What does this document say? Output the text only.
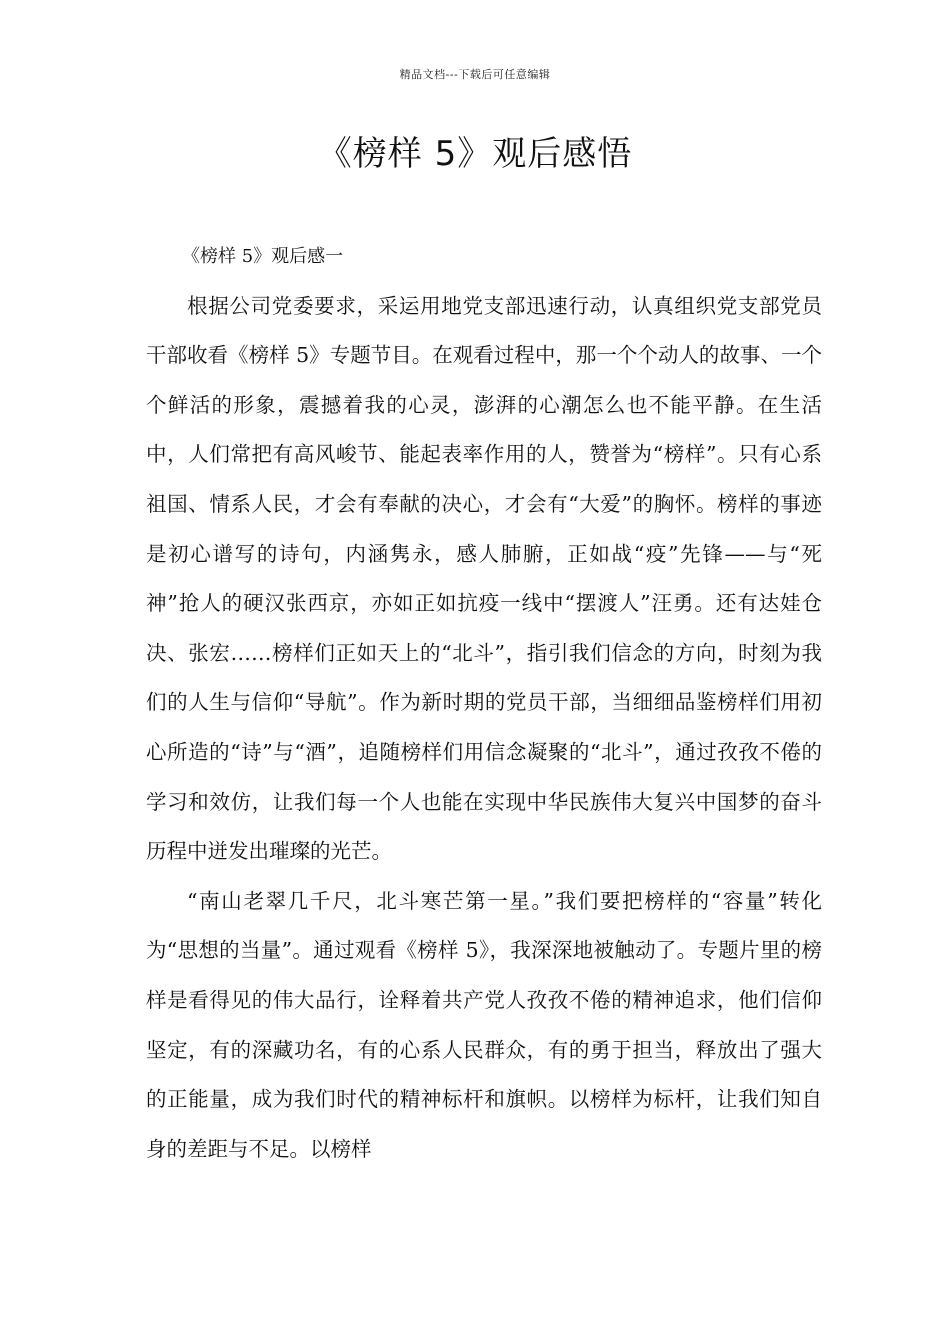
精品文档---下载后可任意编辑
《榜样 5》观后感悟

《榜样 5》观后感一

根据公司党委要求，采运用地党支部迅速行动，认真组织党支部党员干部收看《榜样 5》专题节目。在观看过程中，那一个个动人的故事、一个个鲜活的形象，震撼着我的心灵，澎湃的心潮怎么也不能平静。在生活中，人们常把有高风峻节、能起表率作用的人，赞誉为“榜样”。只有心系祖国、情系人民，才会有奉献的决心，才会有“大爱”的胸怀。榜样的事迹是初心谱写的诗句，内涵隽永，感人肺腑，正如战“疫”先锋——与“死神”抢人的硬汉张西京，亦如正如抗疫一线中“摆渡人”汪勇。还有达娃仓决、张宏……榜样们正如天上的“北斗”，指引我们信念的方向，时刻为我们的人生与信仰“导航”。作为新时期的党员干部，当细细品鉴榜样们用初心所造的“诗”与“酒”，追随榜样们用信念凝聚的“北斗”，通过孜孜不倦的学习和效仿，让我们每一个人也能在实现中华民族伟大复兴中国梦的奋斗历程中迸发出璀璨的光芒。

“南山老翠几千尺，北斗寒芒第一星。”我们要把榜样的“容量”转化为“思想的当量”。通过观看《榜样 5》，我深深地被触动了。专题片里的榜样是看得见的伟大品行，诠释着共产党人孜孜不倦的精神追求，他们信仰坚定，有的深藏功名，有的心系人民群众，有的勇于担当，释放出了强大的正能量，成为我们时代的精神标杆和旗帜。以榜样为标杆，让我们知自身的差距与不足。以榜样
